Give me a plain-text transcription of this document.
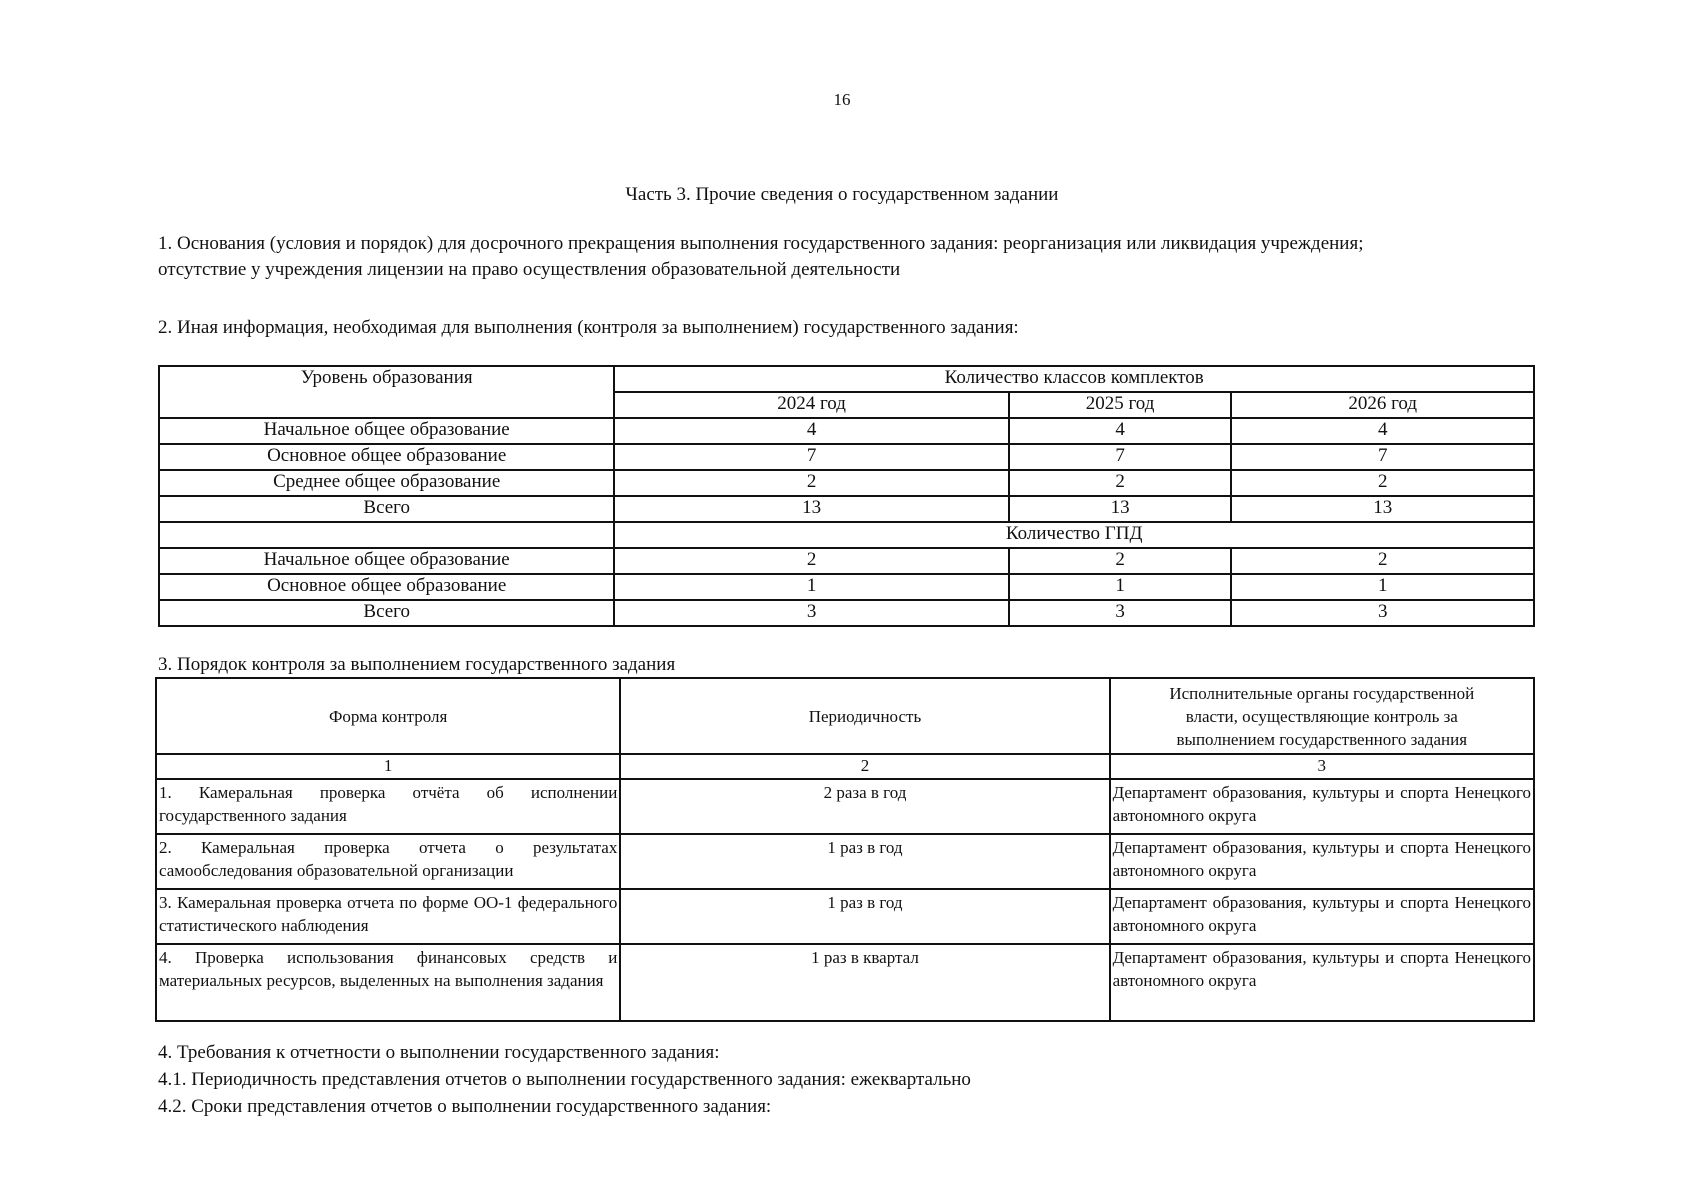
16
Часть 3. Прочие сведения о государственном задании
1. Основания (условия и порядок) для досрочного прекращения выполнения государственного задания: реорганизация или ликвидация учреждения;
отсутствие у учреждения лицензии на право осуществления образовательной деятельности
2. Иная информация, необходимая для выполнения (контроля за выполнением) государственного задания:
Уровень образования	Количество классов комплектов		
	2024 год	2025 год	2026 год
Начальное общее образование	4	4	4
Основное общее образование	7	7	7
Среднее общее образование	2	2	2
Всего	13	13	13
	Количество ГПД		
Начальное общее образование	2	2	2
Основное общее образование	1	1	1
Всего	3	3	3
3. Порядок контроля за выполнением государственного задания
Форма контроля	Периодичность	Исполнительные органы государственной
власти, осуществляющие контроль за
выполнением государственного задания

1	2	3
1. Камеральная проверка отчёта об исполнении государственного задания	2 раза в год	Департамент образования, культуры и спорта Ненецкого автономного округа
2. Камеральная проверка отчета о результатах самообследования образовательной организации	1 раз в год	Департамент образования, культуры и спорта Ненецкого автономного округа
3. Камеральная проверка отчета по форме ОО-1 федерального статистического наблюдения	1 раз в год	Департамент образования, культуры и спорта Ненецкого автономного округа
4. Проверка использования финансовых средств и материальных ресурсов, выделенных на выполнения задания	1 раз в квартал	Департамент образования, культуры и спорта Ненецкого автономного округа
4. Требования к отчетности о выполнении государственного задания:
4.1. Периодичность представления отчетов о выполнении государственного задания: ежеквартально
4.2. Сроки представления отчетов о выполнении государственного задания:
